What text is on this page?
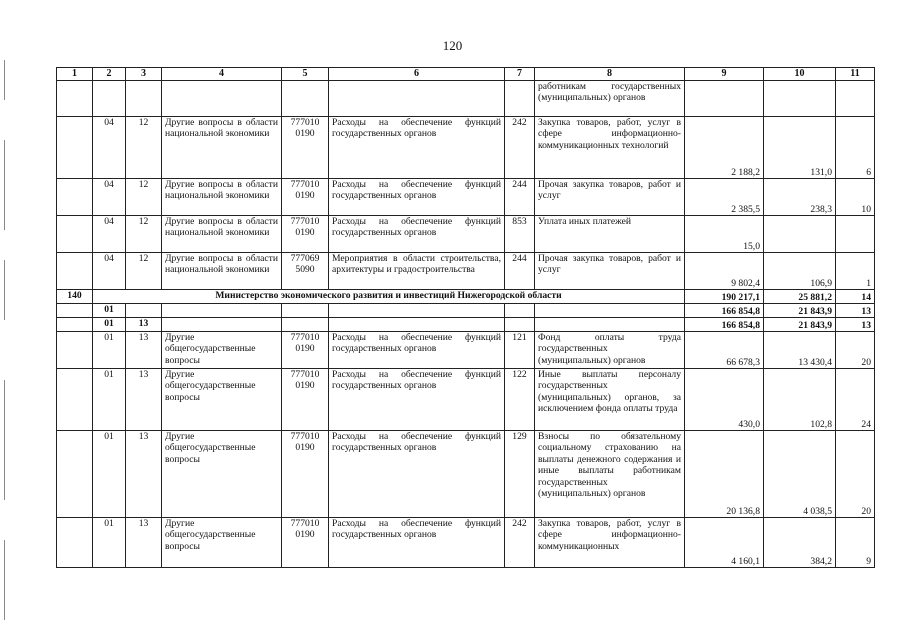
120
1	2	3	4	5	6	7	8	9	10	11
							работникам государственных (муниципальных) органов			
	04	12	Другие вопросы в области национальной экономики	777010 0190	Расходы на обеспечение функций государственных органов	242	Закупка товаров, работ, услуг в сфере информационно-коммуникационных технологий	2 188,2	131,0	6
	04	12	Другие вопросы в области национальной экономики	777010 0190	Расходы на обеспечение функций государственных органов	244	Прочая закупка товаров, работ и услуг	2 385,5	238,3	10
	04	12	Другие вопросы в области национальной экономики	777010 0190	Расходы на обеспечение функций государственных органов	853	Уплата иных платежей	15,0		
	04	12	Другие вопросы в области национальной экономики	777069 5090	Мероприятия в области строительства, архитектуры и градостроительства	244	Прочая закупка товаров, работ и услуг	9 802,4	106,9	1
140	Министерство экономического развития и инвестиций Нижегородской области							190 217,1	25 881,2	14
	01							166 854,8	21 843,9	13
	01	13						166 854,8	21 843,9	13
	01	13	Другие общегосударственные вопросы	777010 0190	Расходы на обеспечение функций государственных органов	121	Фонд оплаты труда государственных (муниципальных) органов	66 678,3	13 430,4	20
	01	13	Другие общегосударственные вопросы	777010 0190	Расходы на обеспечение функций государственных органов	122	Иные выплаты персоналу государственных (муниципальных) органов, за исключением фонда оплаты труда	430,0	102,8	24
	01	13	Другие общегосударственные вопросы	777010 0190	Расходы на обеспечение функций государственных органов	129	Взносы по обязательному социальному страхованию на выплаты денежного содержания и иные выплаты работникам государственных (муниципальных) органов	20 136,8	4 038,5	20
	01	13	Другие общегосударственные вопросы	777010 0190	Расходы на обеспечение функций государственных органов	242	Закупка товаров, работ, услуг в сфере информационно-коммуникационных	4 160,1	384,2	9
